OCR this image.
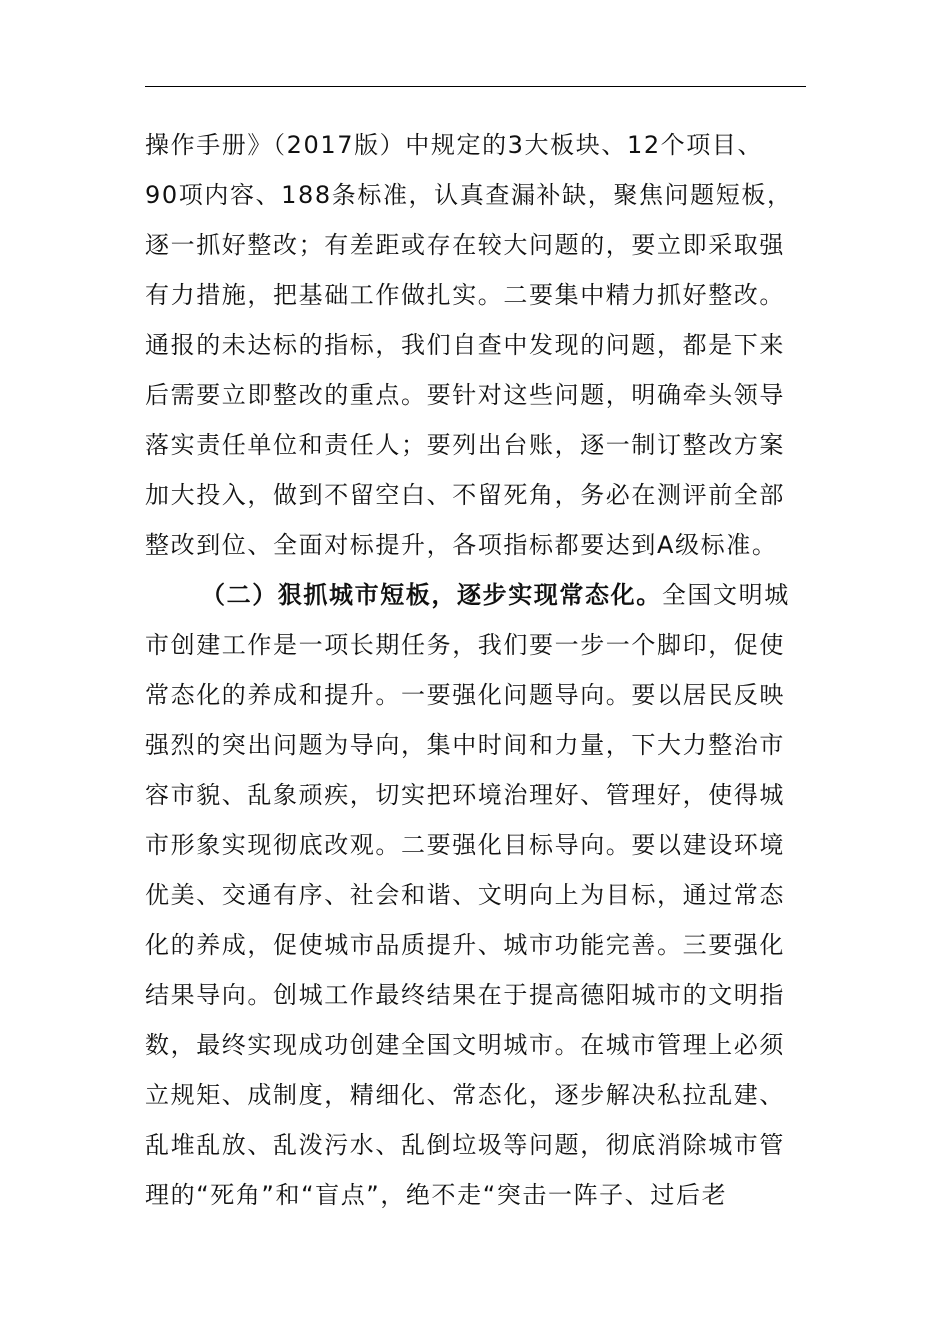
操作手册》（2017版）中规定的3大板块、12个项目、
90项内容、188条标准，认真查漏补缺，聚焦问题短板，
逐一抓好整改；有差距或存在较大问题的，要立即采取强
有力措施，把基础工作做扎实。二要集中精力抓好整改。
通报的未达标的指标，我们自查中发现的问题，都是下来
后需要立即整改的重点。要针对这些问题，明确牵头领导
落实责任单位和责任人；要列出台账，逐一制订整改方案
加大投入，做到不留空白、不留死角，务必在测评前全部
整改到位、全面对标提升，各项指标都要达到A级标准。
（二）狠抓城市短板，逐步实现常态化。全国文明城
市创建工作是一项长期任务，我们要一步一个脚印，促使
常态化的养成和提升。一要强化问题导向。要以居民反映
强烈的突出问题为导向，集中时间和力量，下大力整治市
容市貌、乱象顽疾，切实把环境治理好、管理好，使得城
市形象实现彻底改观。二要强化目标导向。要以建设环境
优美、交通有序、社会和谐、文明向上为目标，通过常态
化的养成，促使城市品质提升、城市功能完善。三要强化
结果导向。创城工作最终结果在于提高德阳城市的文明指
数，最终实现成功创建全国文明城市。在城市管理上必须
立规矩、成制度，精细化、常态化，逐步解决私拉乱建、
乱堆乱放、乱泼污水、乱倒垃圾等问题，彻底消除城市管
理的“死角”和“盲点”，绝不走“突击一阵子、过后老
